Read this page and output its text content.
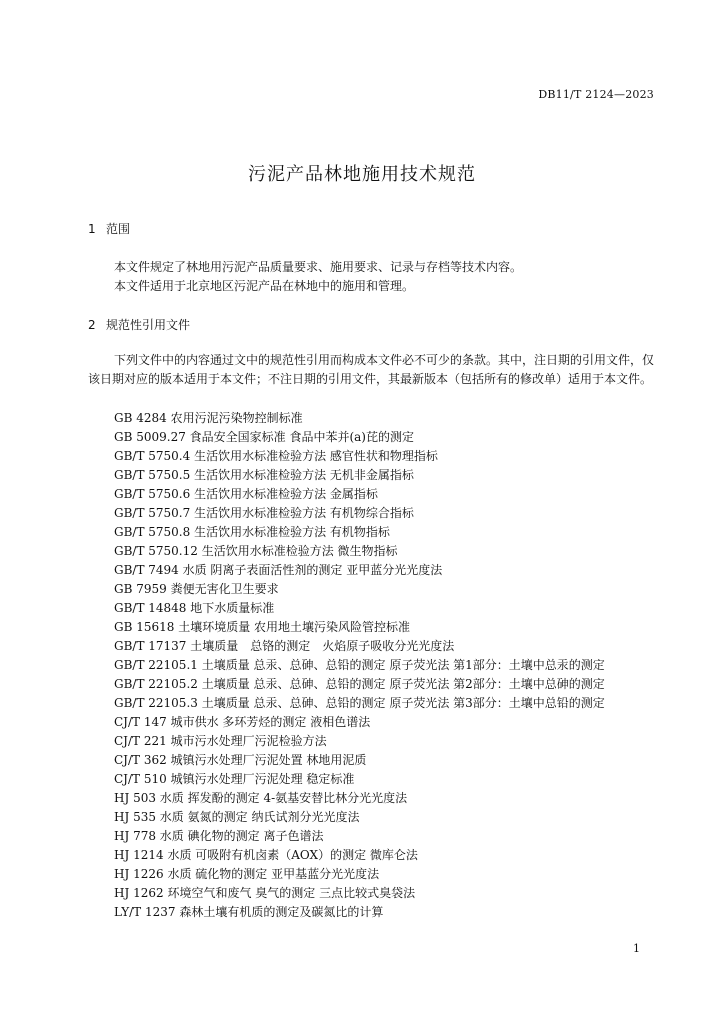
DB11/T 2124—2023
污泥产品林地施用技术规范
1 范围
本文件规定了林地用污泥产品质量要求、施用要求、记录与存档等技术内容。
本文件适用于北京地区污泥产品在林地中的施用和管理。
2 规范性引用文件
下列文件中的内容通过文中的规范性引用而构成本文件必不可少的条款。其中，注日期的引用文件，仅该日期对应的版本适用于本文件；不注日期的引用文件，其最新版本（包括所有的修改单）适用于本文件。
GB 4284 农用污泥污染物控制标准
GB 5009.27 食品安全国家标准 食品中苯并(a)芘的测定
GB/T 5750.4 生活饮用水标准检验方法 感官性状和物理指标
GB/T 5750.5 生活饮用水标准检验方法 无机非金属指标
GB/T 5750.6 生活饮用水标准检验方法 金属指标
GB/T 5750.7 生活饮用水标准检验方法 有机物综合指标
GB/T 5750.8 生活饮用水标准检验方法 有机物指标
GB/T 5750.12 生活饮用水标准检验方法 微生物指标
GB/T 7494 水质 阴离子表面活性剂的测定 亚甲蓝分光光度法
GB 7959 粪便无害化卫生要求
GB/T 14848 地下水质量标准
GB 15618 土壤环境质量 农用地土壤污染风险管控标准
GB/T 17137 土壤质量　总铬的测定　火焰原子吸收分光光度法
GB/T 22105.1 土壤质量 总汞、总砷、总铅的测定 原子荧光法 第1部分：土壤中总汞的测定
GB/T 22105.2 土壤质量 总汞、总砷、总铅的测定 原子荧光法 第2部分：土壤中总砷的测定
GB/T 22105.3 土壤质量 总汞、总砷、总铅的测定 原子荧光法 第3部分：土壤中总铅的测定
CJ/T 147 城市供水 多环芳烃的测定 液相色谱法
CJ/T 221 城市污水处理厂污泥检验方法
CJ/T 362 城镇污水处理厂污泥处置 林地用泥质
CJ/T 510 城镇污水处理厂污泥处理 稳定标准
HJ 503 水质 挥发酚的测定 4-氨基安替比林分光光度法
HJ 535 水质 氨氮的测定 纳氏试剂分光光度法
HJ 778 水质 碘化物的测定 离子色谱法
HJ 1214 水质 可吸附有机卤素（AOX）的测定 微库仑法
HJ 1226 水质 硫化物的测定 亚甲基蓝分光光度法
HJ 1262 环境空气和废气 臭气的测定 三点比较式臭袋法
LY/T 1237 森林土壤有机质的测定及碳氮比的计算
1
